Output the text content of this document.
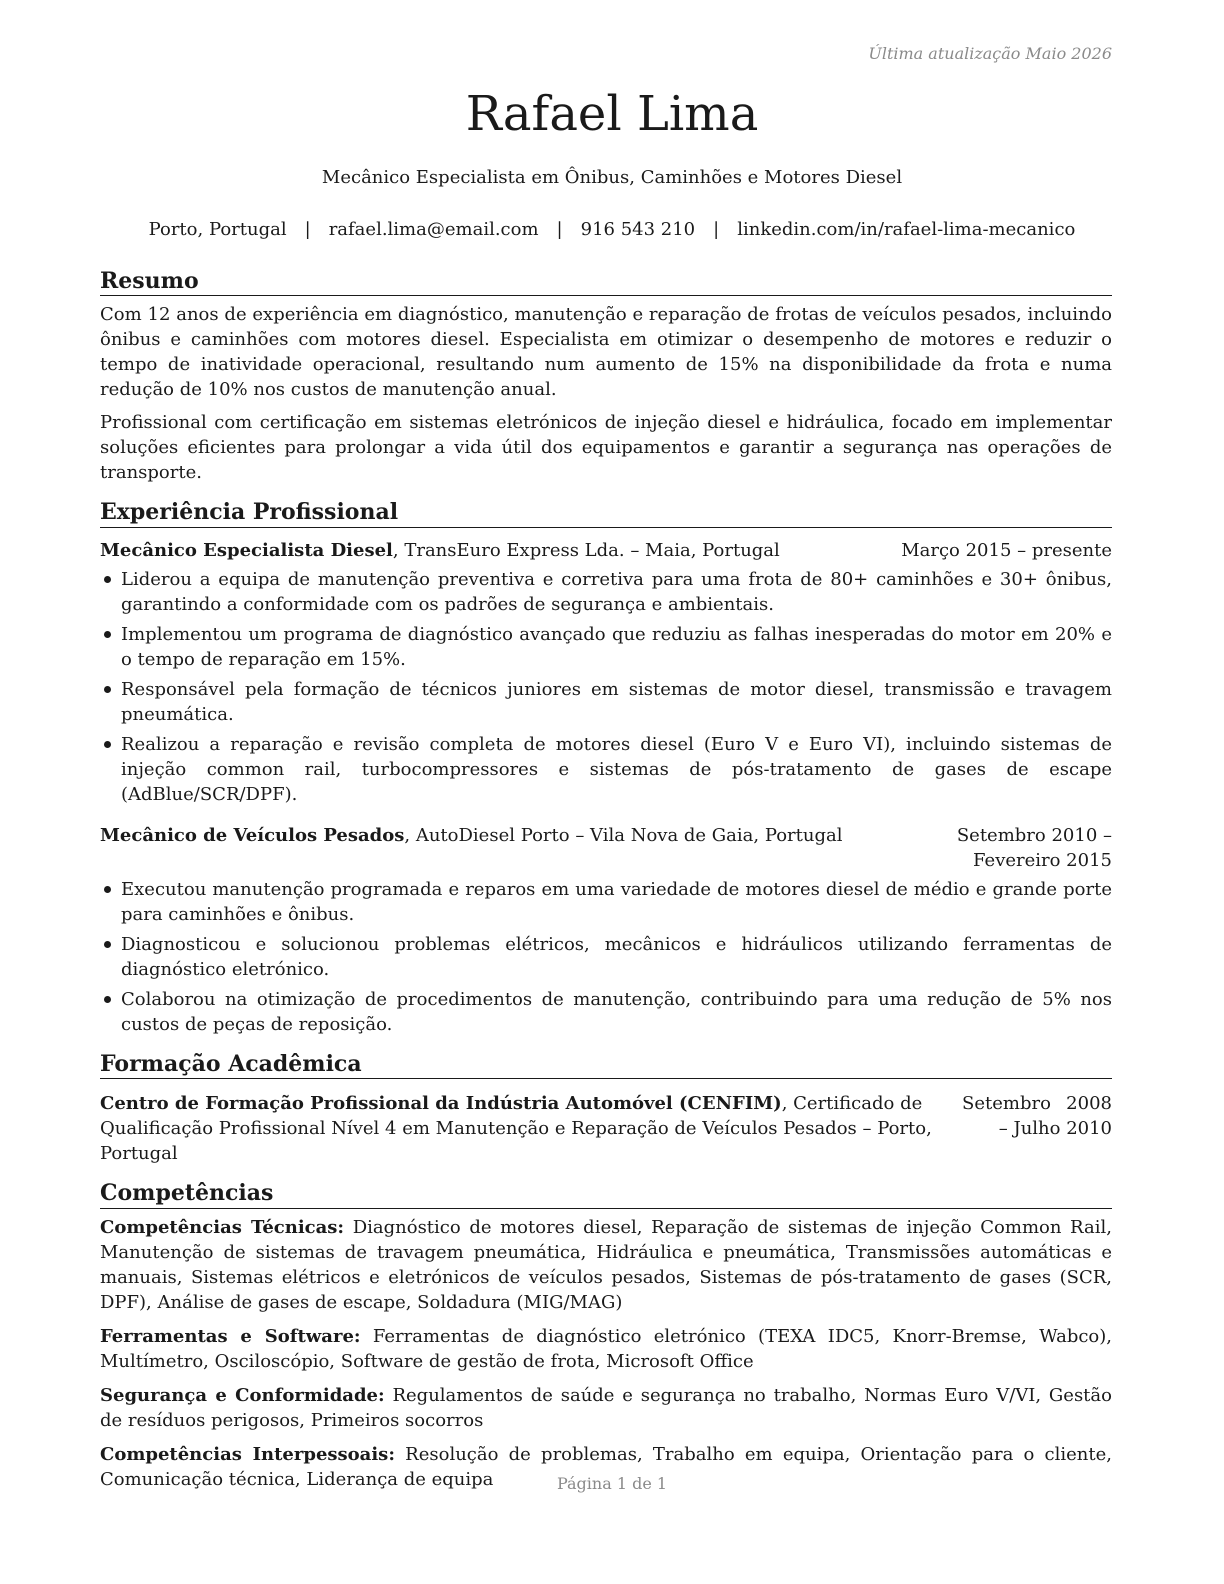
Última atualização Maio 2026
Rafael Lima
Mecânico Especialista em Ônibus, Caminhões e Motores Diesel
Porto, Portugal | rafael.lima@email.com | 916 543 210 | linkedin.com/in/rafael-lima-mecanico
Resumo

Com 12 anos de experiência em diagnóstico, manutenção e reparação de frotas de veículos pesados, incluindo ônibus e caminhões com motores diesel. Especialista em otimizar o desempenho de motores e reduzir o tempo de inatividade operacional, resultando num aumento de 15% na disponibilidade da frota e numa redução de 10% nos custos de manutenção anual.

Profissional com certificação em sistemas eletrónicos de injeção diesel e hidráulica, focado em implementar soluções eficientes para prolongar a vida útil dos equipamentos e garantir a segurança nas operações de transporte.

Experiência Profissional
Mecânico Especialista Diesel, TransEuro Express Lda. – Maia, Portugal	Março 2015 – presente
Liderou a equipa de manutenção preventiva e corretiva para uma frota de 80+ caminhões e 30+ ônibus, garantindo a conformidade com os padrões de segurança e ambientais.
Implementou um programa de diagnóstico avançado que reduziu as falhas inesperadas do motor em 20% e o tempo de reparação em 15%.
Responsável pela formação de técnicos juniores em sistemas de motor diesel, transmissão e travagem pneumática.
Realizou a reparação e revisão completa de motores diesel (Euro V e Euro VI), incluindo sistemas de injeção common rail, turbocompressores e sistemas de pós-tratamento de gases de escape (AdBlue/SCR/DPF).
Mecânico de Veículos Pesados, AutoDiesel Porto – Vila Nova de Gaia, Portugal	Setembro 2010 – Fevereiro 2015
Executou manutenção programada e reparos em uma variedade de motores diesel de médio e grande porte para caminhões e ônibus.
Diagnosticou e solucionou problemas elétricos, mecânicos e hidráulicos utilizando ferramentas de diagnóstico eletrónico.
Colaborou na otimização de procedimentos de manutenção, contribuindo para uma redução de 5% nos custos de peças de reposição.
Formação Acadêmica
Centro de Formação Profissional da Indústria Automóvel (CENFIM), Certificado de Qualificação Profissional Nível 4 em Manutenção e Reparação de Veículos Pesados – Porto, Portugal
Setembro 2008 – Julho 2010
Competências

Competências Técnicas: Diagnóstico de motores diesel, Reparação de sistemas de injeção Common Rail, Manutenção de sistemas de travagem pneumática, Hidráulica e pneumática, Transmissões automáticas e manuais, Sistemas elétricos e eletrónicos de veículos pesados, Sistemas de pós-tratamento de gases (SCR, DPF), Análise de gases de escape, Soldadura (MIG/MAG)

Ferramentas e Software: Ferramentas de diagnóstico eletrónico (TEXA IDC5, Knorr-Bremse, Wabco), Multímetro, Osciloscópio, Software de gestão de frota, Microsoft Office

Segurança e Conformidade: Regulamentos de saúde e segurança no trabalho, Normas Euro V/VI, Gestão de resíduos perigosos, Primeiros socorros

Competências Interpessoais: Resolução de problemas, Trabalho em equipa, Orientação para o cliente, Comunicação técnica, Liderança de equipa	Página 1 de 1
